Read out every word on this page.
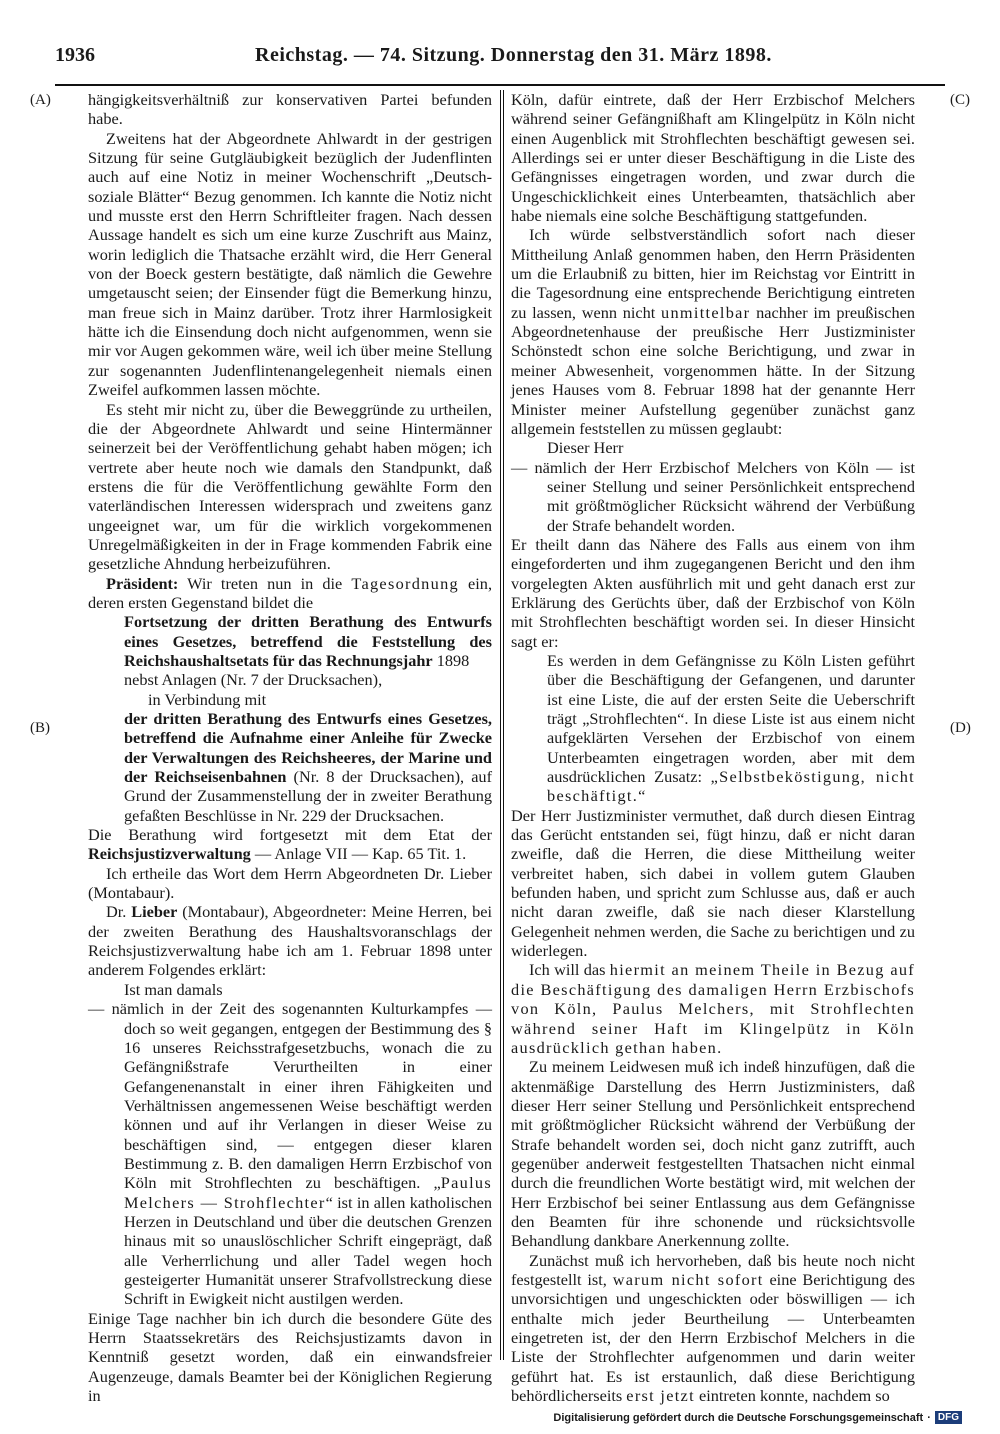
1936	Reichstag. — 74. Sitzung. Donnerstag den 31. März 1898.
(A)
(B)
(C)
(D)

hängigkeitsverhältniß zur konservativen Partei befunden habe.

Zweitens hat der Abgeordnete Ahlwardt in der gestrigen Sitzung für seine Gutgläubigkeit bezüglich der Judenflinten auch auf eine Notiz in meiner Wochenschrift „Deutsch-soziale Blätter“ Bezug genommen. Ich kannte die Notiz nicht und musste erst den Herrn Schriftleiter fragen. Nach dessen Aussage handelt es sich um eine kurze Zuschrift aus Mainz, worin lediglich die Thatsache erzählt wird, die Herr General von der Boeck gestern bestätigte, daß nämlich die Gewehre umgetauscht seien; der Einsender fügt die Bemerkung hinzu, man freue sich in Mainz darüber. Trotz ihrer Harmlosigkeit hätte ich die Einsendung doch nicht aufgenommen, wenn sie mir vor Augen gekommen wäre, weil ich über meine Stellung zur sogenannten Judenflintenangelegenheit niemals einen Zweifel aufkommen lassen möchte.

Es steht mir nicht zu, über die Beweggründe zu urtheilen, die der Abgeordnete Ahlwardt und seine Hintermänner seinerzeit bei der Veröffentlichung gehabt haben mögen; ich vertrete aber heute noch wie damals den Standpunkt, daß erstens die für die Veröffentlichung gewählte Form den vaterländischen Interessen widersprach und zweitens ganz ungeeignet war, um für die wirklich vorgekommenen Unregelmäßigkeiten in der in Frage kommenden Fabrik eine gesetzliche Ahndung herbeizuführen.

Präsident: Wir treten nun in die Tagesordnung ein, deren ersten Gegenstand bildet die

Fortsetzung der dritten Berathung des Entwurfs eines Gesetzes, betreffend die Feststellung des Reichshaushaltsetats für das Rechnungsjahr 1898

nebst Anlagen (Nr. 7 der Drucksachen),

in Verbindung mit

der dritten Berathung des Entwurfs eines Gesetzes, betreffend die Aufnahme einer Anleihe für Zwecke der Verwaltungen des Reichsheeres, der Marine und der Reichseisenbahnen (Nr. 8 der Drucksachen), auf Grund der Zusammenstellung der in zweiter Berathung gefaßten Beschlüsse in Nr. 229 der Drucksachen.

Die Berathung wird fortgesetzt mit dem Etat der Reichsjustizverwaltung — Anlage VII — Kap. 65 Tit. 1.

Ich ertheile das Wort dem Herrn Abgeordneten Dr. Lieber (Montabaur).

Dr. Lieber (Montabaur), Abgeordneter: Meine Herren, bei der zweiten Berathung des Haushaltsvoranschlags der Reichsjustizverwaltung habe ich am 1. Februar 1898 unter anderem Folgendes erklärt:

Ist man damals

— nämlich in der Zeit des sogenannten Kulturkampfes — doch so weit gegangen, entgegen der Bestimmung des § 16 unseres Reichsstrafgesetzbuchs, wonach die zu Gefängnißstrafe Verurtheilten in einer Gefangenenanstalt in einer ihren Fähigkeiten und Verhältnissen angemessenen Weise beschäftigt werden können und auf ihr Verlangen in dieser Weise zu beschäftigen sind, — entgegen dieser klaren Bestimmung z. B. den damaligen Herrn Erzbischof von Köln mit Strohflechten zu beschäftigen. „Paulus Melchers — Strohflechter“ ist in allen katholischen Herzen in Deutschland und über die deutschen Grenzen hinaus mit so unauslöschlicher Schrift eingeprägt, daß alle Verherrlichung und aller Tadel wegen hoch gesteigerter Humanität unserer Strafvollstreckung diese Schrift in Ewigkeit nicht austilgen werden.

Einige Tage nachher bin ich durch die besondere Güte des Herrn Staatssekretärs des Reichsjustizamts davon in Kenntniß gesetzt worden, daß ein einwandsfreier Augenzeuge, damals Beamter bei der Königlichen Regierung in

Köln, dafür eintrete, daß der Herr Erzbischof Melchers während seiner Gefängnißhaft am Klingelpütz in Köln nicht einen Augenblick mit Strohflechten beschäftigt gewesen sei. Allerdings sei er unter dieser Beschäftigung in die Liste des Gefängnisses eingetragen worden, und zwar durch die Ungeschicklichkeit eines Unterbeamten, thatsächlich aber habe niemals eine solche Beschäftigung stattgefunden.

Ich würde selbstverständlich sofort nach dieser Mittheilung Anlaß genommen haben, den Herrn Präsidenten um die Erlaubniß zu bitten, hier im Reichstag vor Eintritt in die Tagesordnung eine entsprechende Berichtigung eintreten zu lassen, wenn nicht unmittelbar nachher im preußischen Abgeordnetenhause der preußische Herr Justizminister Schönstedt schon eine solche Berichtigung, und zwar in meiner Abwesenheit, vorgenommen hätte. In der Sitzung jenes Hauses vom 8. Februar 1898 hat der genannte Herr Minister meiner Aufstellung gegenüber zunächst ganz allgemein feststellen zu müssen geglaubt:

Dieser Herr

— nämlich der Herr Erzbischof Melchers von Köln — ist seiner Stellung und seiner Persönlichkeit entsprechend mit größtmöglicher Rücksicht während der Verbüßung der Strafe behandelt worden.

Er theilt dann das Nähere des Falls aus einem von ihm eingeforderten und ihm zugegangenen Bericht und den ihm vorgelegten Akten ausführlich mit und geht danach erst zur Erklärung des Gerüchts über, daß der Erzbischof von Köln mit Strohflechten beschäftigt worden sei. In dieser Hinsicht sagt er:

Es werden in dem Gefängnisse zu Köln Listen geführt über die Beschäftigung der Gefangenen, und darunter ist eine Liste, die auf der ersten Seite die Ueberschrift trägt „Strohflechten“. In diese Liste ist aus einem nicht aufgeklärten Versehen der Erzbischof von einem Unterbeamten eingetragen worden, aber mit dem ausdrücklichen Zusatz: „Selbstbeköstigung, nicht beschäftigt.“

Der Herr Justizminister vermuthet, daß durch diesen Eintrag das Gerücht entstanden sei, fügt hinzu, daß er nicht daran zweifle, daß die Herren, die diese Mittheilung weiter verbreitet haben, sich dabei in vollem gutem Glauben befunden haben, und spricht zum Schlusse aus, daß er auch nicht daran zweifle, daß sie nach dieser Klarstellung Gelegenheit nehmen werden, die Sache zu berichtigen und zu widerlegen.

Ich will das hiermit an meinem Theile in Bezug auf die Beschäftigung des damaligen Herrn Erzbischofs von Köln, Paulus Melchers, mit Strohflechten während seiner Haft im Klingelpütz in Köln ausdrücklich gethan haben.

Zu meinem Leidwesen muß ich indeß hinzufügen, daß die aktenmäßige Darstellung des Herrn Justizministers, daß dieser Herr seiner Stellung und Persönlichkeit entsprechend mit größtmöglicher Rücksicht während der Verbüßung der Strafe behandelt worden sei, doch nicht ganz zutrifft, auch gegenüber anderweit festgestellten Thatsachen nicht einmal durch die freundlichen Worte bestätigt wird, mit welchen der Herr Erzbischof bei seiner Entlassung aus dem Gefängnisse den Beamten für ihre schonende und rücksichtsvolle Behandlung dankbare Anerkennung zollte.

Zunächst muß ich hervorheben, daß bis heute noch nicht festgestellt ist, warum nicht sofort eine Berichtigung des unvorsichtigen und ungeschickten oder böswilligen — ich enthalte mich jeder Beurtheilung — Unterbeamten eingetreten ist, der den Herrn Erzbischof Melchers in die Liste der Strohflechter aufgenommen und darin weiter geführt hat. Es ist erstaunlich, daß diese Berichtigung behördlicherseits erst jetzt eintreten konnte, nachdem so

Digitalisierung gefördert durch die Deutsche Forschungsgemeinschaft · DFG
